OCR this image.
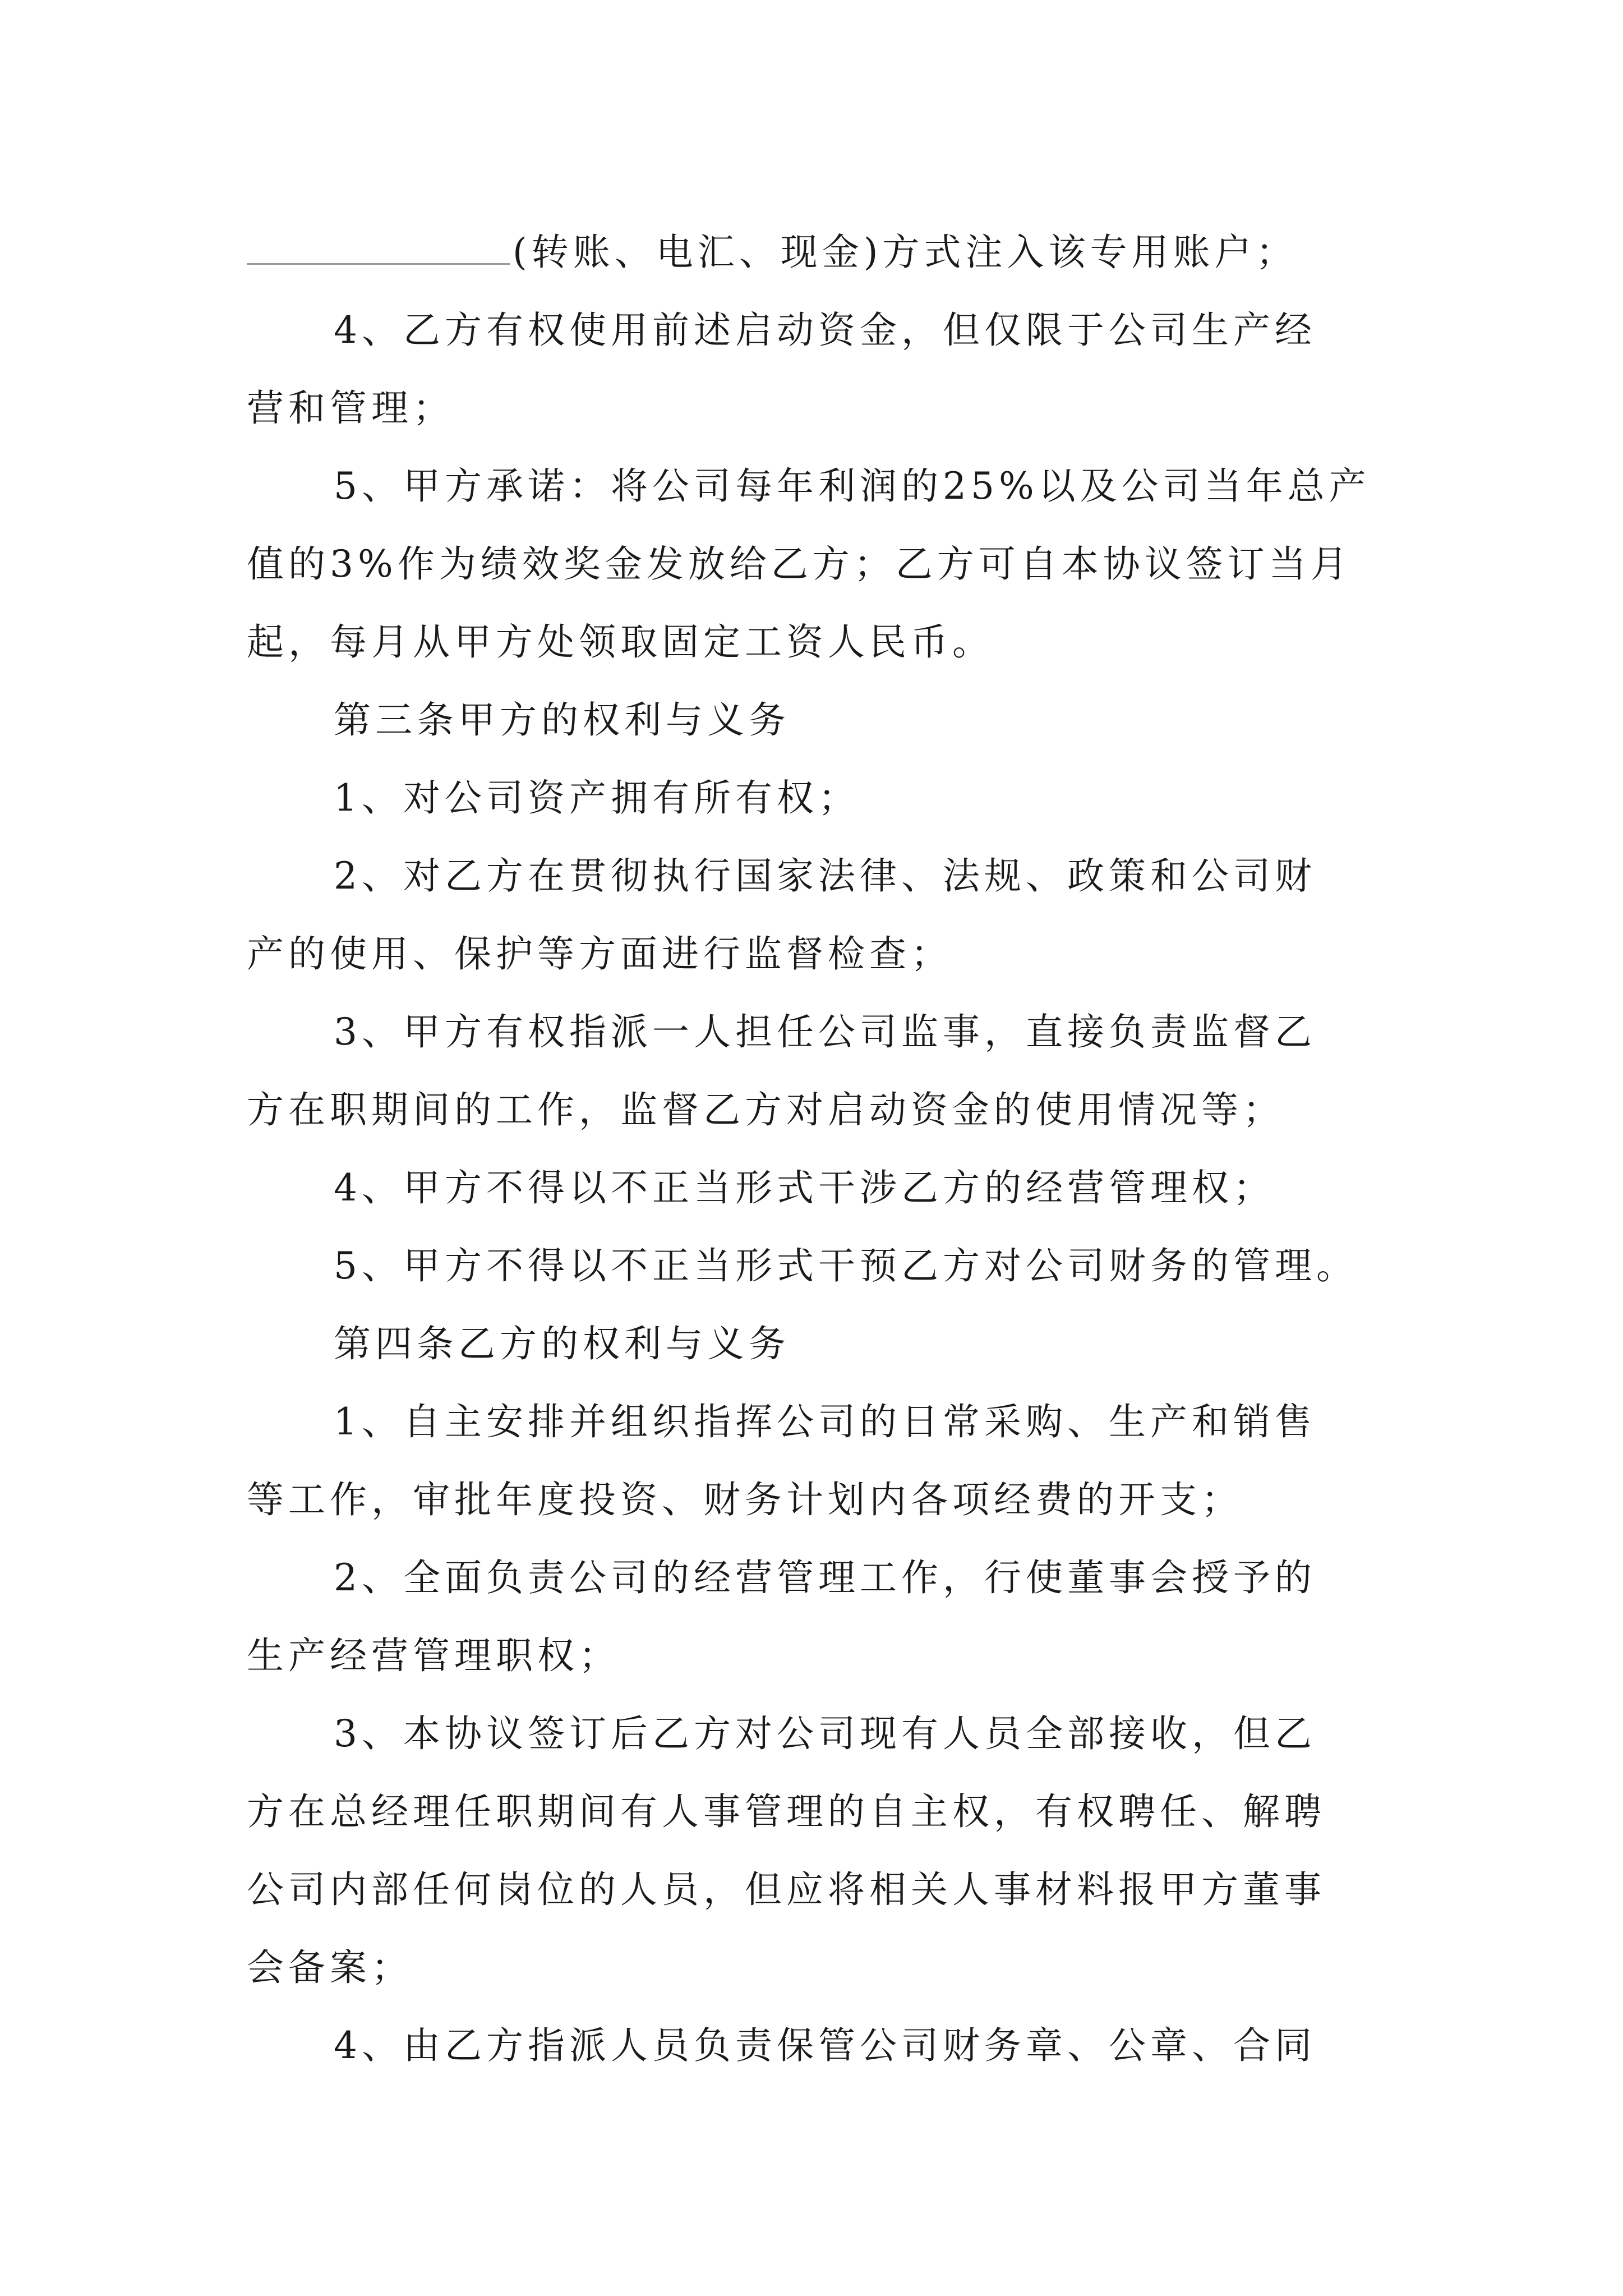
(转账、电汇、现金)方式注入该专用账户；
4、乙方有权使用前述启动资金，但仅限于公司生产经
营和管理；
5、甲方承诺：将公司每年利润的25%以及公司当年总产
值的3%作为绩效奖金发放给乙方；乙方可自本协议签订当月
起，每月从甲方处领取固定工资人民币。
第三条甲方的权利与义务
1、对公司资产拥有所有权；
2、对乙方在贯彻执行国家法律、法规、政策和公司财
产的使用、保护等方面进行监督检查；
3、甲方有权指派一人担任公司监事，直接负责监督乙
方在职期间的工作，监督乙方对启动资金的使用情况等；
4、甲方不得以不正当形式干涉乙方的经营管理权；
5、甲方不得以不正当形式干预乙方对公司财务的管理。
第四条乙方的权利与义务
1、自主安排并组织指挥公司的日常采购、生产和销售
等工作，审批年度投资、财务计划内各项经费的开支；
2、全面负责公司的经营管理工作，行使董事会授予的
生产经营管理职权；
3、本协议签订后乙方对公司现有人员全部接收，但乙
方在总经理任职期间有人事管理的自主权，有权聘任、解聘
公司内部任何岗位的人员，但应将相关人事材料报甲方董事
会备案；
4、由乙方指派人员负责保管公司财务章、公章、合同
